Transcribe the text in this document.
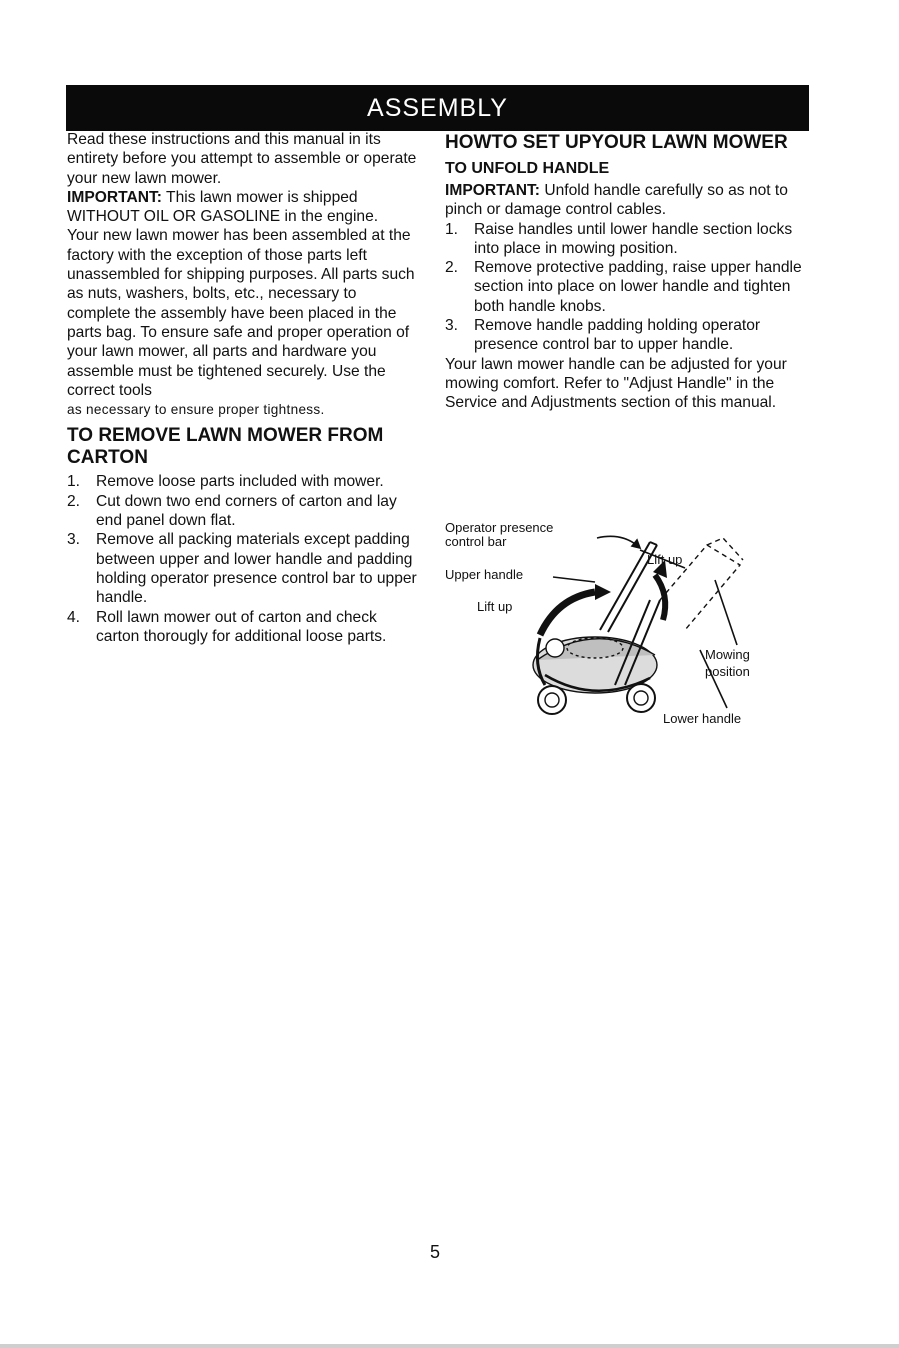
ASSEMBLY

Read these instructions and this manual in its entirety before you attempt to assemble or operate your new lawn mower.

IMPORTANT: This lawn mower is shipped WITHOUT OIL OR GASOLINE in the engine.

Your new lawn mower has been assembled at the factory with the exception of those parts left unassembled for shipping purposes. All parts such as nuts, washers, bolts, etc., necessary to complete the assembly have been placed in the parts bag. To ensure safe and proper operation of your lawn mower, all parts and hardware you assemble must be tightened securely. Use the correct tools

as necessary to ensure proper tightness.

TO REMOVE LAWN MOWER FROM CARTON
1. Remove loose parts included with mower.
2. Cut down two end corners of carton and lay end panel down flat.
3. Remove all packing materials except padding between upper and lower handle and padding holding operator presence control bar to upper handle.
4. Roll lawn mower out of carton and check carton thorougly for additional loose parts.
HOWTO SET UPYOUR LAWN MOWER
TO UNFOLD HANDLE

IMPORTANT: Unfold handle carefully so as not to pinch or damage control cables.

1. Raise handles until lower handle section locks into place in mowing position.
2. Remove protective padding, raise upper handle section into place on lower handle and tighten both handle knobs.
3. Remove handle padding holding operator presence control bar to upper handle.

Your lawn mower handle can be adjusted for your mowing comfort. Refer to "Adjust Handle" in the Service and Adjustments section of this manual.

Operator presence
control bar
Upper handle
Lift up
Lift up
Mowing
position
Lower handle
5
